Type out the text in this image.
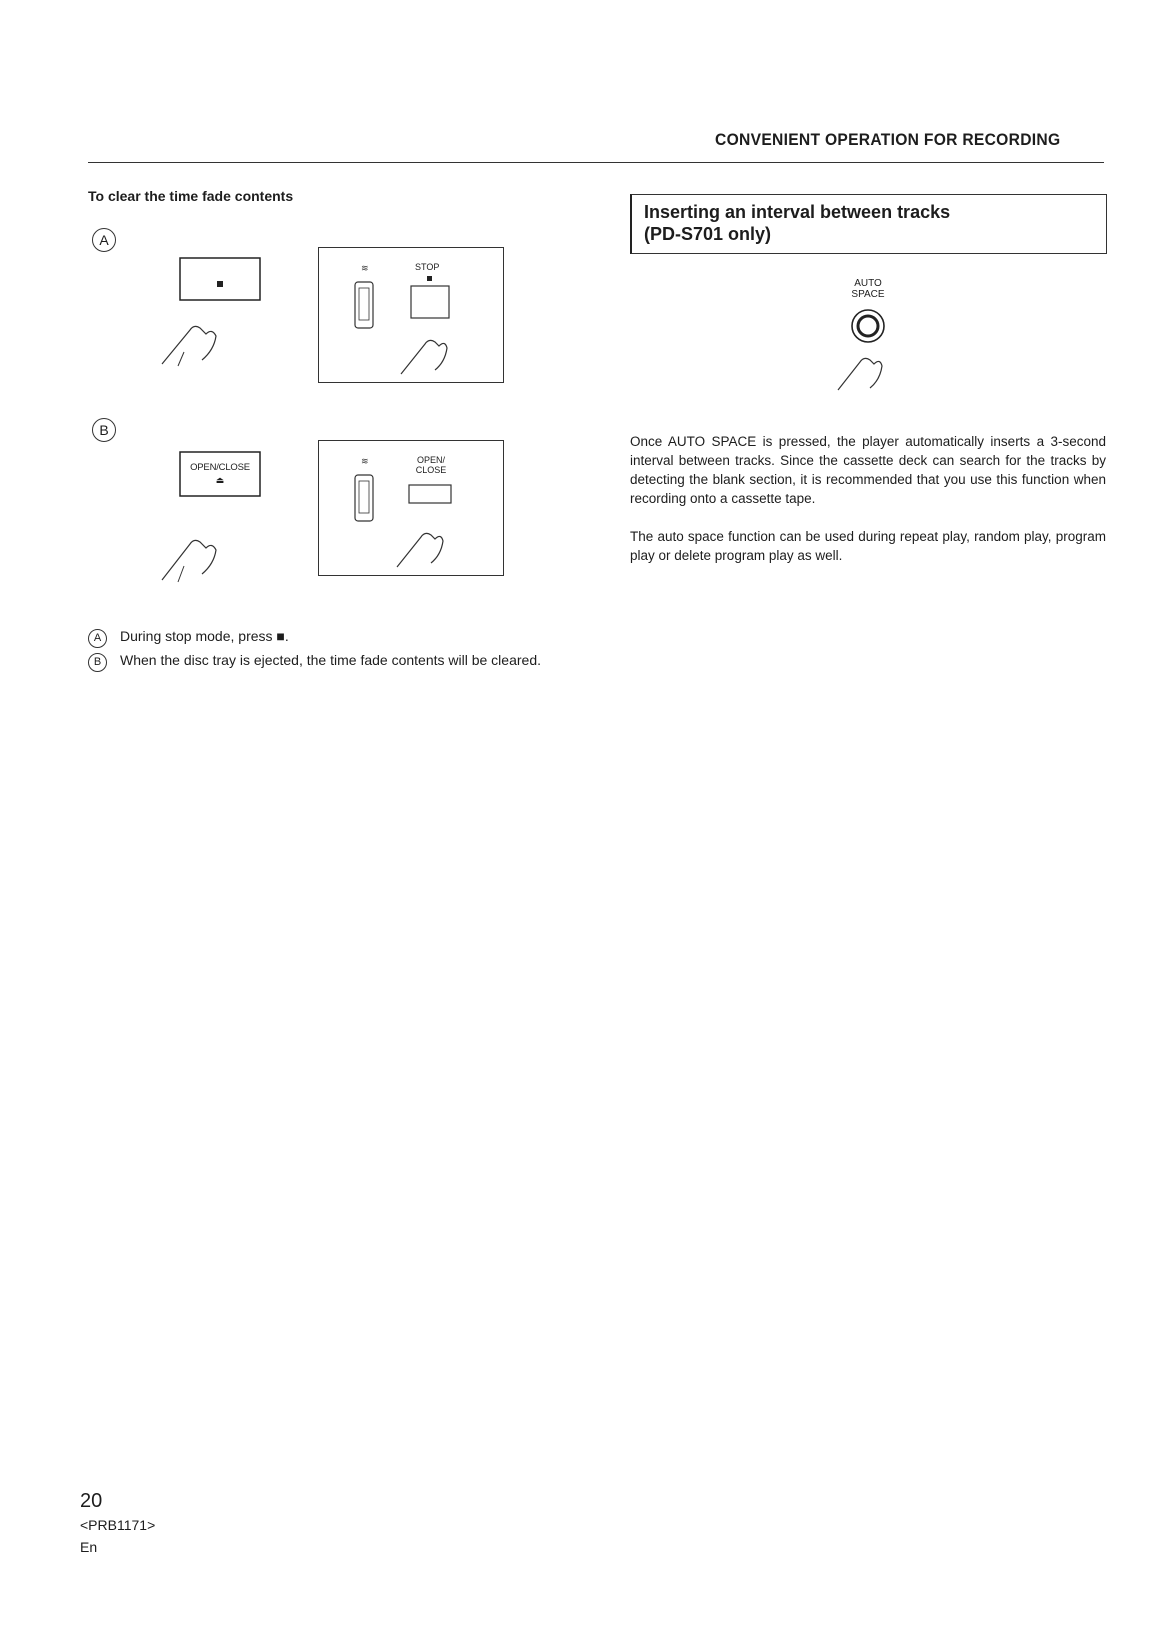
CONVENIENT OPERATION FOR RECORDING
To clear the time fade contents
A
≋	STOP
B
OPEN/CLOSE
⏏
≋	OPEN/
CLOSE
A During stop mode, press ■.
B When the disc tray is ejected, the time fade contents will be cleared.
Inserting an interval between tracks
(PD-S701 only)
AUTO
SPACE
Once AUTO SPACE is pressed, the player automatically inserts a 3-second interval between tracks. Since the cassette deck can search for the tracks by detecting the blank section, it is recommended that you use this function when recording onto a cassette tape.
The auto space function can be used during repeat play, random play, program play or delete program play as well.
20
<PRB1171>
En
